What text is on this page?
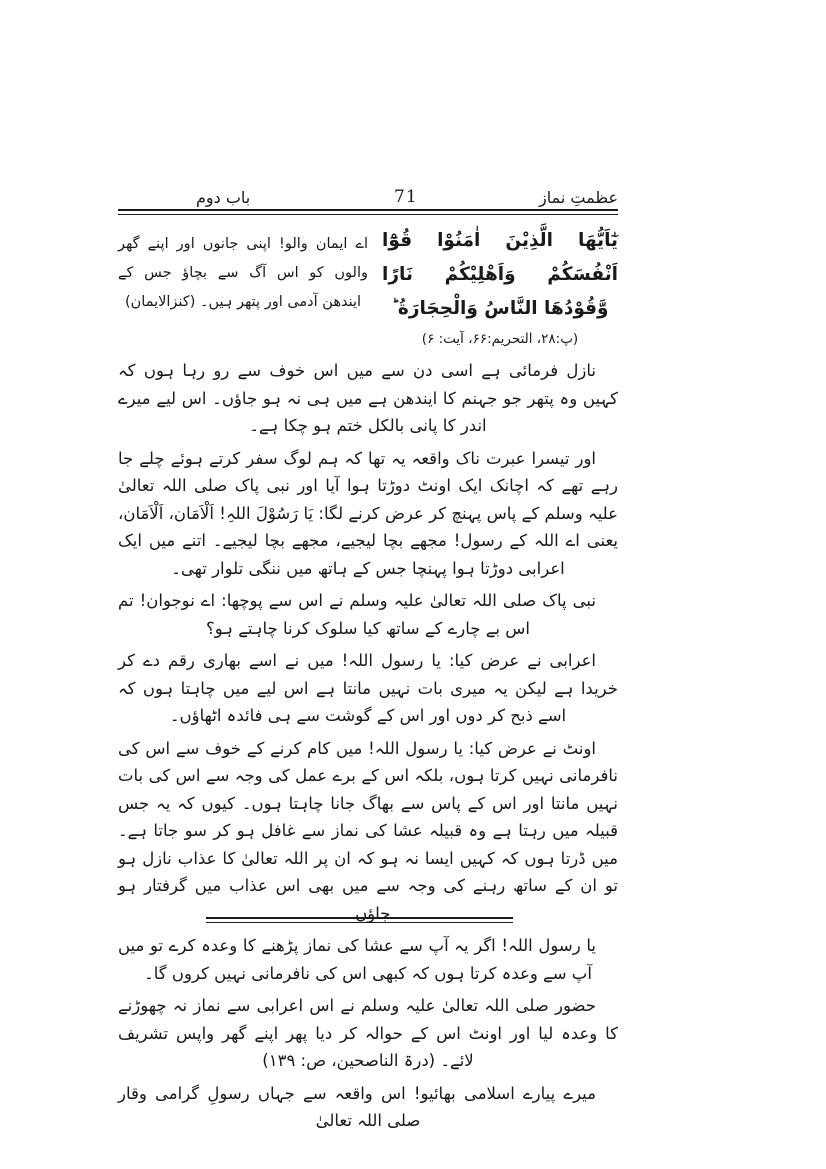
باب دوم	71	عظمتِ نماز
يٰٓاَيُّهَا الَّذِيْنَ اٰمَنُوْا قُوْٓا اَنْفُسَكُمْ وَاَهْلِيْكُمْ نَارًا وَّقُوْدُهَا النَّاسُ وَالْحِجَارَةُ ؕ
(پ:۲۸، التحریم:۶۶، آیت: ۶)
اے ایمان والو! اپنی جانوں اور اپنے گھر والوں کو اس آگ سے بچاؤ جس کے ایندھن آدمی اور پتھر ہیں۔ (کنزالایمان)

نازل فرمائی ہے اسی دن سے میں اس خوف سے رو رہا ہوں کہ کہیں وہ پتھر جو جہنم کا ایندھن ہے میں ہی نہ ہو جاؤں۔ اس لیے میرے اندر کا پانی بالکل ختم ہو چکا ہے۔

اور تیسرا عبرت ناک واقعہ یہ تھا کہ ہم لوگ سفر کرتے ہوئے چلے جا رہے تھے کہ اچانک ایک اونٹ دوڑتا ہوا آیا اور نبی پاک صلی اللہ تعالیٰ علیہ وسلم کے پاس پہنچ کر عرض کرنے لگا: یَا رَسُوْلَ اللہِ! اَلْاَمَان، اَلْاَمَان، یعنی اے اللہ کے رسول! مجھے بچا لیجیے، مجھے بچا لیجیے۔ اتنے میں ایک اعرابی دوڑتا ہوا پہنچا جس کے ہاتھ میں ننگی تلوار تھی۔

نبی پاک صلی اللہ تعالیٰ علیہ وسلم نے اس سے پوچھا: اے نوجوان! تم اس بے چارے کے ساتھ کیا سلوک کرنا چاہتے ہو؟

اعرابی نے عرض کیا: یا رسول اللہ! میں نے اسے بھاری رقم دے کر خریدا ہے لیکن یہ میری بات نہیں مانتا ہے اس لیے میں چاہتا ہوں کہ اسے ذبح کر دوں اور اس کے گوشت سے ہی فائدہ اٹھاؤں۔

اونٹ نے عرض کیا: یا رسول اللہ! میں کام کرنے کے خوف سے اس کی نافرمانی نہیں کرتا ہوں، بلکہ اس کے برے عمل کی وجہ سے اس کی بات نہیں مانتا اور اس کے پاس سے بھاگ جانا چاہتا ہوں۔ کیوں کہ یہ جس قبیلہ میں رہتا ہے وہ قبیلہ عشا کی نماز سے غافل ہو کر سو جاتا ہے۔ میں ڈرتا ہوں کہ کہیں ایسا نہ ہو کہ ان پر اللہ تعالیٰ کا عذاب نازل ہو تو ان کے ساتھ رہنے کی وجہ سے میں بھی اس عذاب میں گرفتار ہو جاؤں۔

یا رسول اللہ! اگر یہ آپ سے عشا کی نماز پڑھنے کا وعدہ کرے تو میں آپ سے وعدہ کرتا ہوں کہ کبھی اس کی نافرمانی نہیں کروں گا۔

حضور صلی اللہ تعالیٰ علیہ وسلم نے اس اعرابی سے نماز نہ چھوڑنے کا وعدہ لیا اور اونٹ اس کے حوالہ کر دیا پھر اپنے گھر واپس تشریف لائے۔ (درۃ الناصحین، ص: ۱۳۹)

میرے پیارے اسلامی بھائیو! اس واقعہ سے جہاں رسولِ گرامی وقار صلی اللہ تعالیٰ
